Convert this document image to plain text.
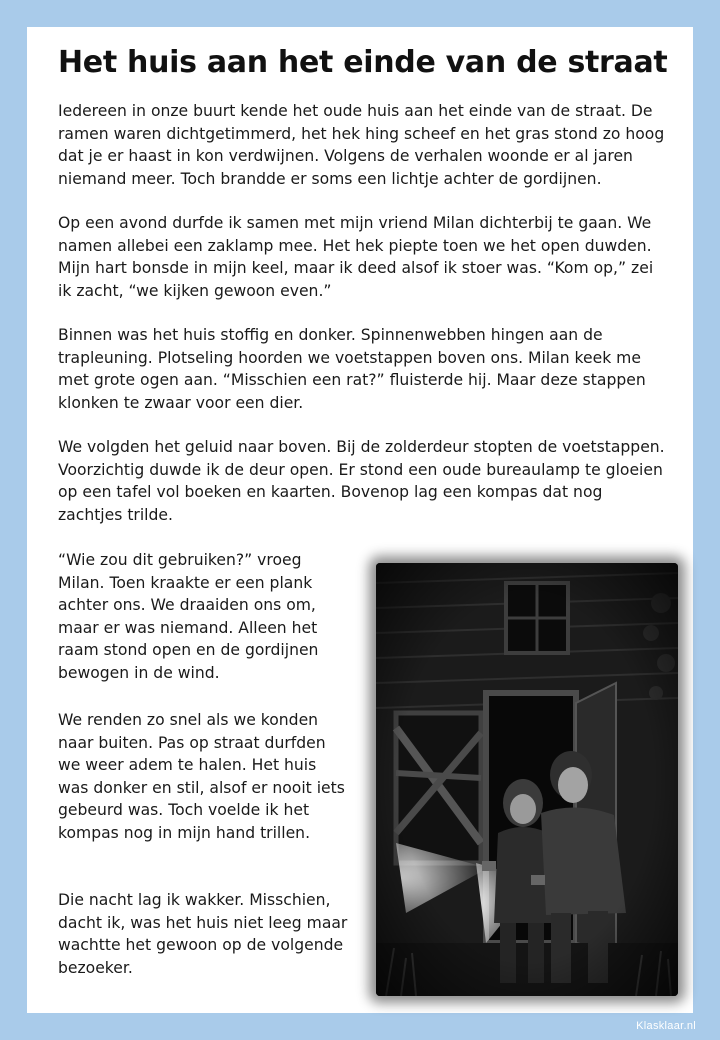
Het huis aan het einde van de straat

Iedereen in onze buurt kende het oude huis aan het einde van de straat. De ramen waren dichtgetimmerd, het hek hing scheef en het gras stond zo hoog dat je er haast in kon verdwijnen. Volgens de verhalen woonde er al jaren niemand meer. Toch brandde er soms een lichtje achter de gordijnen.

Op een avond durfde ik samen met mijn vriend Milan dichterbij te gaan. We namen allebei een zaklamp mee. Het hek piepte toen we het open duwden. Mijn hart bonsde in mijn keel, maar ik deed alsof ik stoer was. “Kom op,” zei ik zacht, “we kijken gewoon even.”

Binnen was het huis stoffig en donker. Spinnenwebben hingen aan de trapleuning. Plotseling hoorden we voetstappen boven ons. Milan keek me met grote ogen aan. “Misschien een rat?” fluisterde hij. Maar deze stappen klonken te zwaar voor een dier.

We volgden het geluid naar boven. Bij de zolderdeur stopten de voetstappen. Voorzichtig duwde ik de deur open. Er stond een oude bureaulamp te gloeien op een tafel vol boeken en kaarten. Bovenop lag een kompas dat nog zachtjes trilde.

“Wie zou dit gebruiken?” vroeg Milan. Toen kraakte er een plank achter ons. We draaiden ons om, maar er was niemand. Alleen het raam stond open en de gordijnen bewogen in de wind.

We renden zo snel als we konden naar buiten. Pas op straat durfden we weer adem te halen. Het huis was donker en stil, alsof er nooit iets gebeurd was. Toch voelde ik het kompas nog in mijn hand trillen.

Die nacht lag ik wakker. Misschien, dacht ik, was het huis niet leeg maar wachtte het gewoon op de volgende bezoeker.

Klasklaar.nl
